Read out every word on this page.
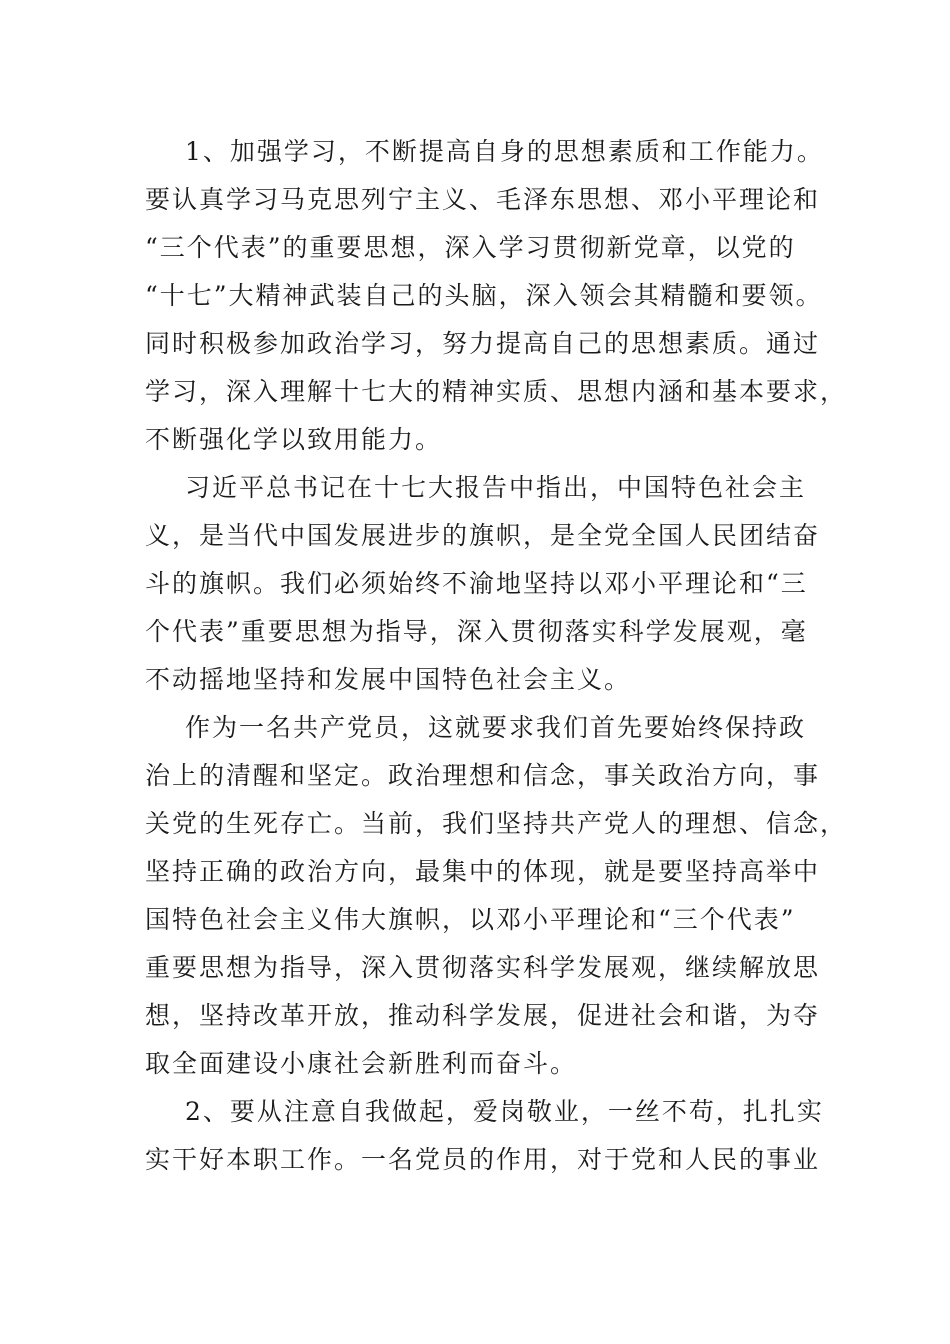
1、加强学习，不断提高自身的思想素质和工作能力。
要认真学习马克思列宁主义、毛泽东思想、邓小平理论和
“三个代表”的重要思想，深入学习贯彻新党章，以党的
“十七”大精神武装自己的头脑，深入领会其精髓和要领。
同时积极参加政治学习，努力提高自己的思想素质。通过
学习，深入理解十七大的精神实质、思想内涵和基本要求，
不断强化学以致用能力。
习近平总书记在十七大报告中指出，中国特色社会主
义，是当代中国发展进步的旗帜，是全党全国人民团结奋
斗的旗帜。我们必须始终不渝地坚持以邓小平理论和“三
个代表”重要思想为指导，深入贯彻落实科学发展观，毫
不动摇地坚持和发展中国特色社会主义。
作为一名共产党员，这就要求我们首先要始终保持政
治上的清醒和坚定。政治理想和信念，事关政治方向，事
关党的生死存亡。当前，我们坚持共产党人的理想、信念，
坚持正确的政治方向，最集中的体现，就是要坚持高举中
国特色社会主义伟大旗帜，以邓小平理论和“三个代表”
重要思想为指导，深入贯彻落实科学发展观，继续解放思
想，坚持改革开放，推动科学发展，促进社会和谐，为夺
取全面建设小康社会新胜利而奋斗。
2、要从注意自我做起，爱岗敬业，一丝不苟，扎扎实
实干好本职工作。一名党员的作用，对于党和人民的事业
